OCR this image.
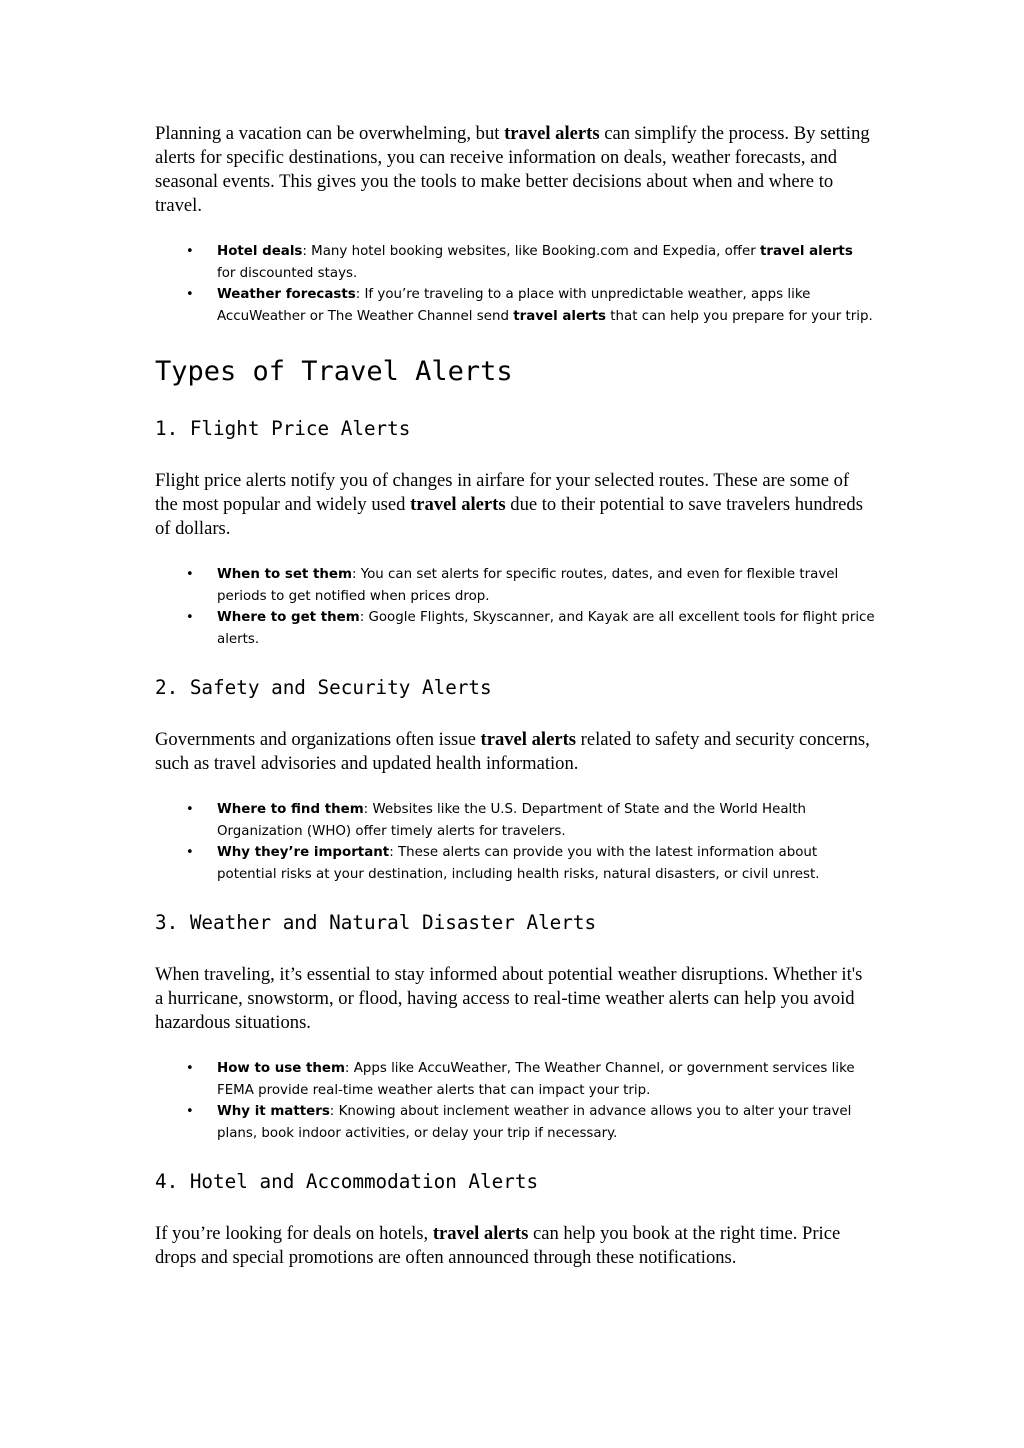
Planning a vacation can be overwhelming, but travel alerts can simplify the process. By setting alerts for specific destinations, you can receive information on deals, weather forecasts, and seasonal events. This gives you the tools to make better decisions about when and where to travel.

• Hotel deals: Many hotel booking websites, like Booking.com and Expedia, offer travel alerts for discounted stays.
• Weather forecasts: If you’re traveling to a place with unpredictable weather, apps like AccuWeather or The Weather Channel send travel alerts that can help you prepare for your trip.
Types of Travel Alerts
1. Flight Price Alerts

Flight price alerts notify you of changes in airfare for your selected routes. These are some of the most popular and widely used travel alerts due to their potential to save travelers hundreds of dollars.

• When to set them: You can set alerts for specific routes, dates, and even for flexible travel periods to get notified when prices drop.
• Where to get them: Google Flights, Skyscanner, and Kayak are all excellent tools for flight price alerts.
2. Safety and Security Alerts

Governments and organizations often issue travel alerts related to safety and security concerns, such as travel advisories and updated health information.

• Where to find them: Websites like the U.S. Department of State and the World Health Organization (WHO) offer timely alerts for travelers.
• Why they’re important: These alerts can provide you with the latest information about potential risks at your destination, including health risks, natural disasters, or civil unrest.
3. Weather and Natural Disaster Alerts

When traveling, it’s essential to stay informed about potential weather disruptions. Whether it's a hurricane, snowstorm, or flood, having access to real-time weather alerts can help you avoid hazardous situations.

• How to use them: Apps like AccuWeather, The Weather Channel, or government services like FEMA provide real-time weather alerts that can impact your trip.
• Why it matters: Knowing about inclement weather in advance allows you to alter your travel plans, book indoor activities, or delay your trip if necessary.
4. Hotel and Accommodation Alerts

If you’re looking for deals on hotels, travel alerts can help you book at the right time. Price drops and special promotions are often announced through these notifications.
